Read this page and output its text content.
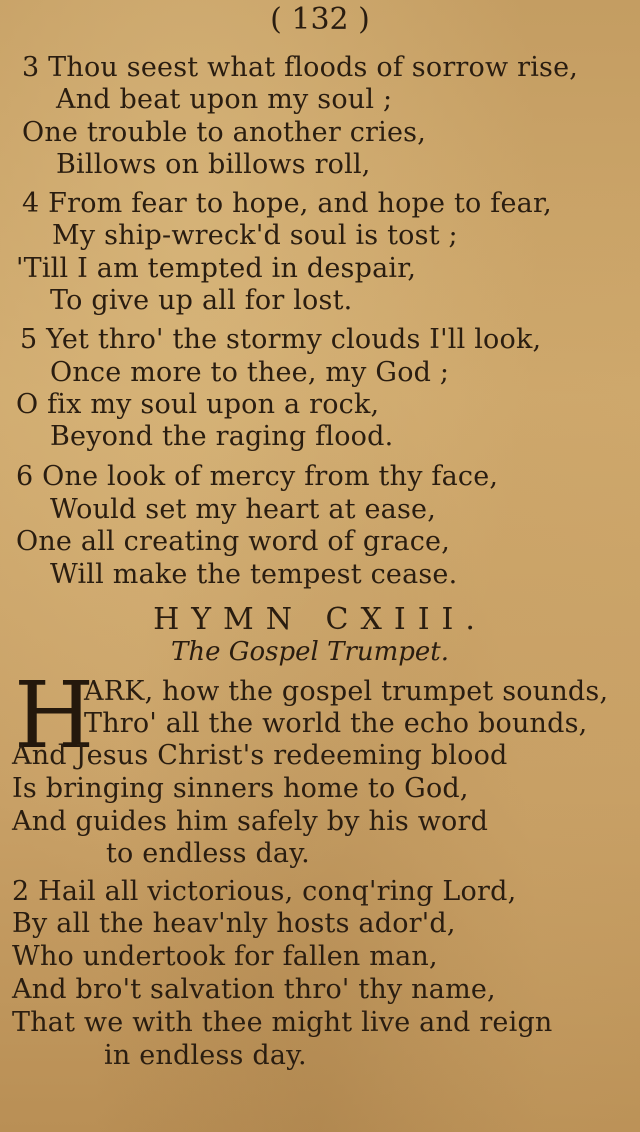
( 132 )
3 Thou seest what floods of sorrow rise,
And beat upon my soul ;
One trouble to another cries,
Billows on billows roll,
4 From fear to hope, and hope to fear,
My ship-wreck'd soul is tost ;
'Till I am tempted in despair,
To give up all for lost.
5 Yet thro' the stormy clouds I'll look,
Once more to thee, my God ;
O fix my soul upon a rock,
Beyond the raging flood.
6 One look of mercy from thy face,
Would set my heart at ease,
One all creating word of grace,
Will make the tempest cease.
HYMN CXIII.
The Gospel Trumpet.
H
ARK, how the gospel trumpet sounds,
Thro' all the world the echo bounds,
And Jesus Christ's redeeming blood
Is bringing sinners home to God,
And guides him safely by his word
to endless day.
2 Hail all victorious, conq'ring Lord,
By all the heav'nly hosts ador'd,
Who undertook for fallen man,
And bro't salvation thro' thy name,
That we with thee might live and reign
in endless day.
